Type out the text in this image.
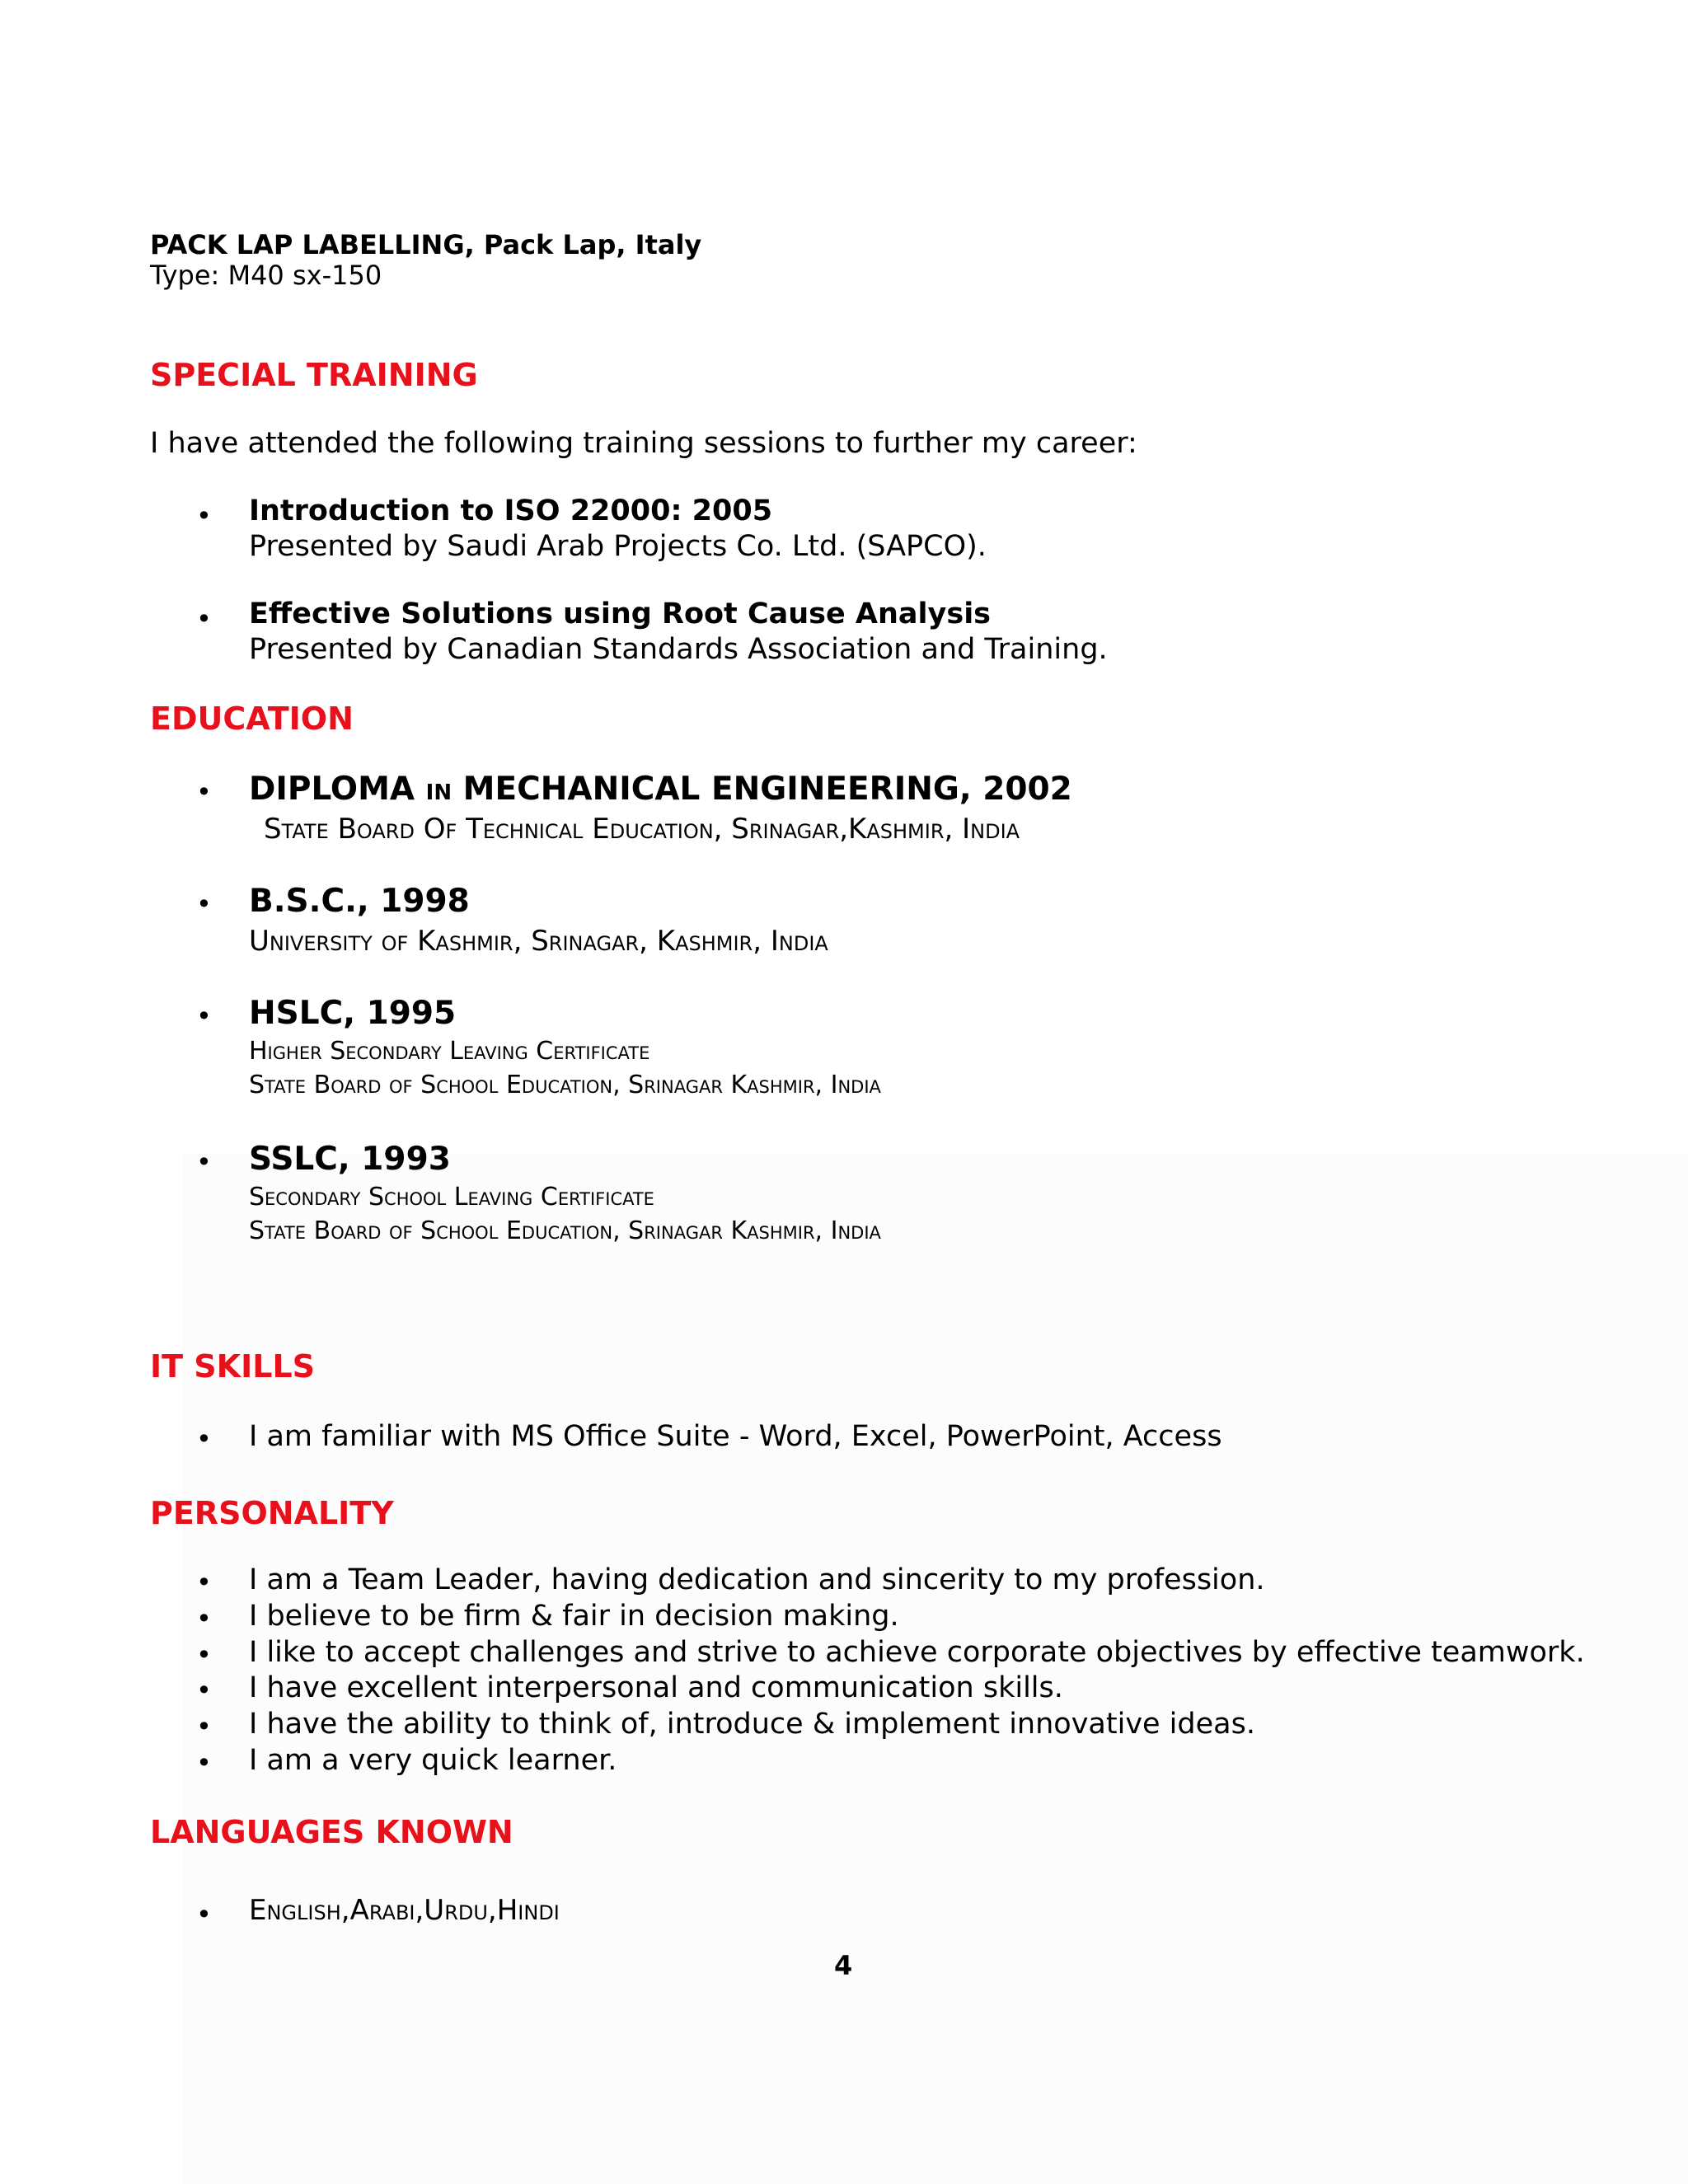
PACK LAP LABELLING, Pack Lap, Italy
Type: M40 sx-150
SPECIAL TRAINING
I have attended the following training sessions to further my career:
• Introduction to ISO 22000: 2005
Presented by Saudi Arab Projects Co. Ltd. (SAPCO).
• Effective Solutions using Root Cause Analysis
Presented by Canadian Standards Association and Training.
EDUCATION
• DIPLOMA IN MECHANICAL ENGINEERING, 2002
State Board Of Technical Education, Srinagar,Kashmir, India
• B.S.C., 1998
University of Kashmir, Srinagar, Kashmir, India
• HSLC, 1995
Higher Secondary Leaving Certificate
State Board of School Education, Srinagar Kashmir, India
• SSLC, 1993
Secondary School Leaving Certificate
State Board of School Education, Srinagar Kashmir, India
IT SKILLS
• I am familiar with MS Office Suite - Word, Excel, PowerPoint, Access
PERSONALITY
• I am a Team Leader, having dedication and sincerity to my profession.
• I believe to be firm & fair in decision making.
• I like to accept challenges and strive to achieve corporate objectives by effective teamwork.
• I have excellent interpersonal and communication skills.
• I have the ability to think of, introduce & implement innovative ideas.
• I am a very quick learner.
LANGUAGES KNOWN
• English,Arabi,Urdu,Hindi
4
